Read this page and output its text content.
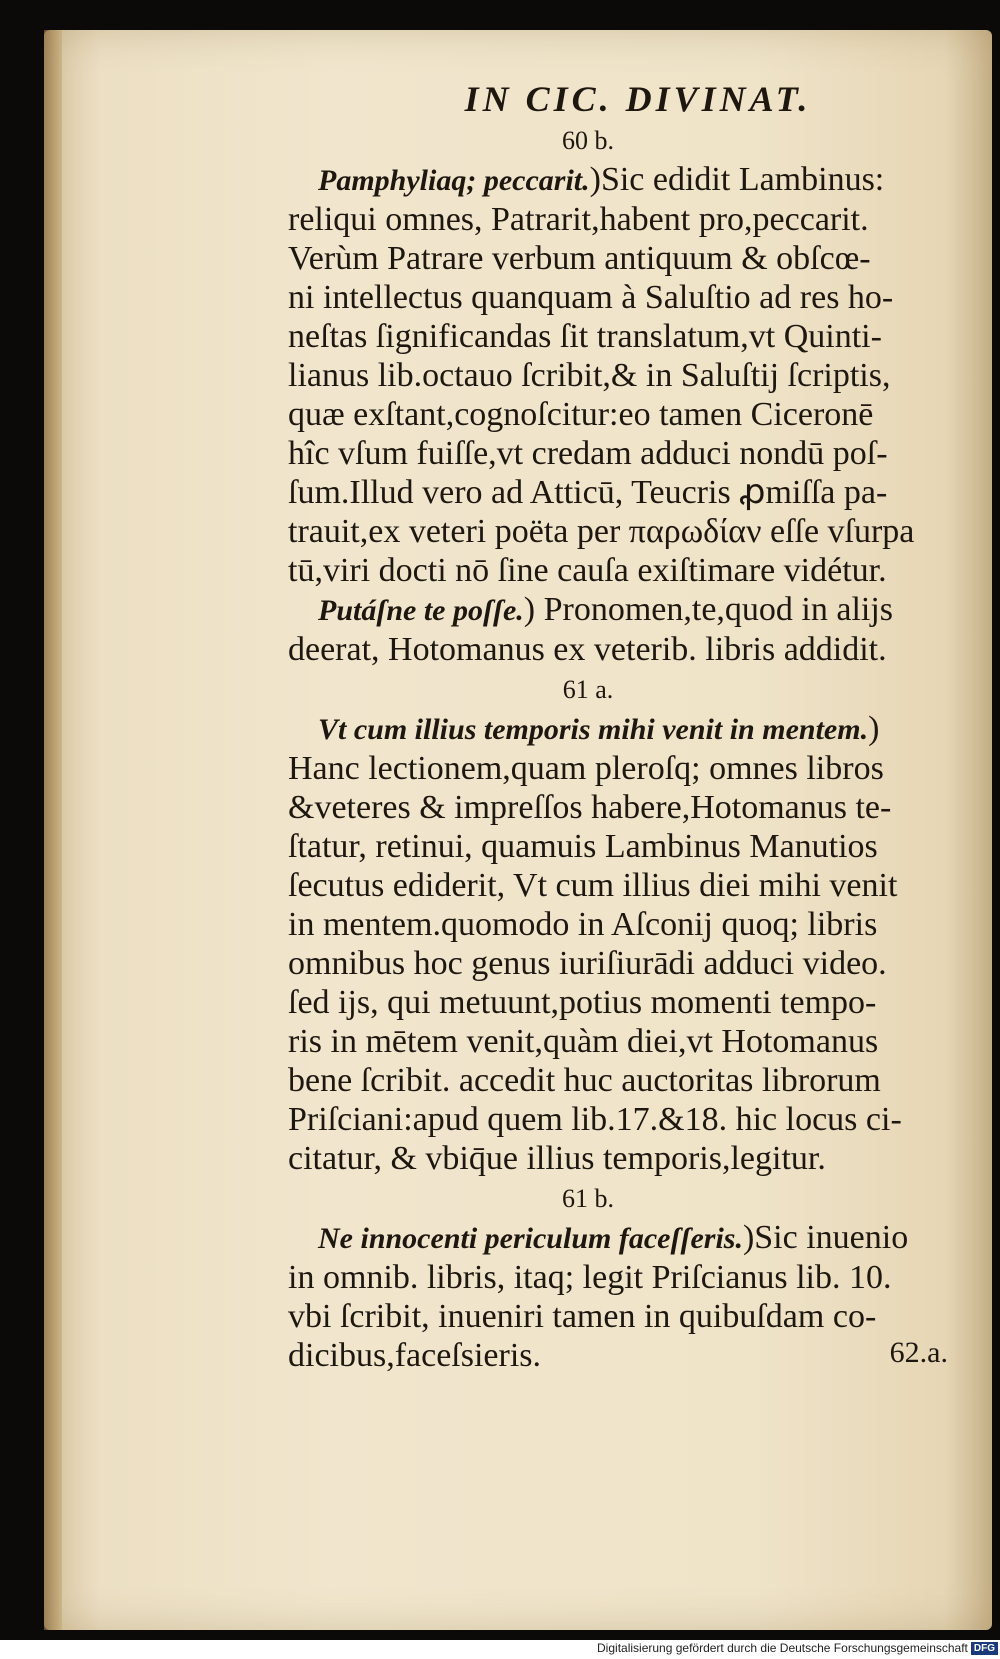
IN CIC. DIVINAT.
60 b.
Pamphyliaq; peccarit.)Sic edidit Lambinus:
reliqui omnes, Patrarit,habent pro,peccarit.
Verùm Patrare verbum antiquum & obſcœ-
ni intellectus quanquam à Saluſtio ad res ho-
neſtas ſignificandas ſit translatum,vt Quinti-
lianus lib.octauo ſcribit,& in Saluſtij ſcriptis,
quæ exſtant,cognoſcitur:eo tamen Ciceronē
hîc vſum fuiſſe,vt credam adduci nondū poſ-
ſum.Illud vero ad Atticū, Teucris ꝓmiſſa pa-
trauit,ex veteri poëta per παρωδίαν eſſe vſurpa
tū,viri docti nō ſine cauſa exiſtimare vidétur.
Putáſne te poſſe.) Pronomen,te,quod in alijs
deerat, Hotomanus ex veterib. libris addidit.
61 a.
Vt cum illius temporis mihi venit in mentem.)
Hanc lectionem,quam pleroſq; omnes libros
&veteres & impreſſos habere,Hotomanus te-
ſtatur, retinui, quamuis Lambinus Manutios
ſecutus ediderit, Vt cum illius diei mihi venit
in mentem.quomodo in Aſconij quoq; libris
omnibus hoc genus iuriſiurādi adduci video.
ſed ijs, qui metuunt,potius momenti tempo-
ris in mētem venit,quàm diei,vt Hotomanus
bene ſcribit. accedit huc auctoritas librorum
Priſciani:apud quem lib.17.&18. hic locus ci-
citatur, & vbiq̄ue illius temporis,legitur.
61 b.
Ne innocenti periculum faceſſeris.)Sic inuenio
in omnib. libris, itaq; legit Priſcianus lib. 10.
vbi ſcribit, inueniri tamen in quibuſdam co-
dicibus,faceſsieris.	62.a.
Digitalisierung gefördert durch die Deutsche Forschungsgemeinschaft DFG
